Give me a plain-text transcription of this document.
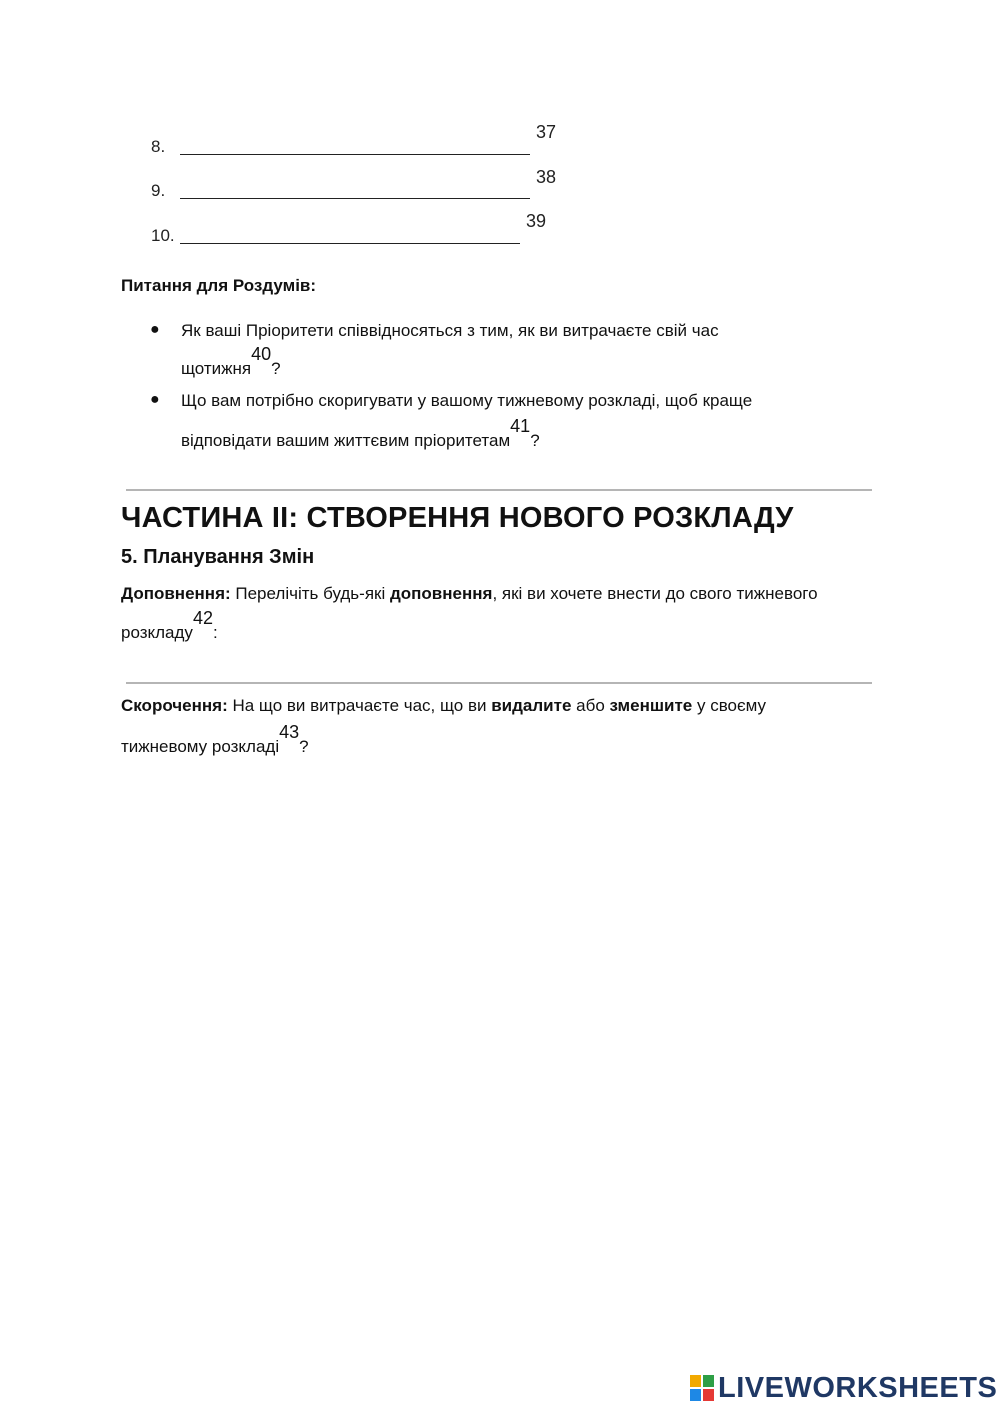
8.
37
9.
38
10.
39
Питання для Роздумів:
● Як ваші Пріоритети співвідносяться з тим, як ви витрачаєте свій час
щотижня40?
● Що вам потрібно скоригувати у вашому тижневому розкладі, щоб краще
відповідати вашим життєвим пріоритетам41?
ЧАСТИНА II: СТВОРЕННЯ НОВОГО РОЗКЛАДУ
5. Планування Змін
Доповнення: Перелічіть будь-які доповнення, які ви хочете внести до свого тижневого
розкладу42:
Скорочення: На що ви витрачаєте час, що ви видалите або зменшите у своєму
тижневому розкладі43?
LIVEWORKSHEETS
